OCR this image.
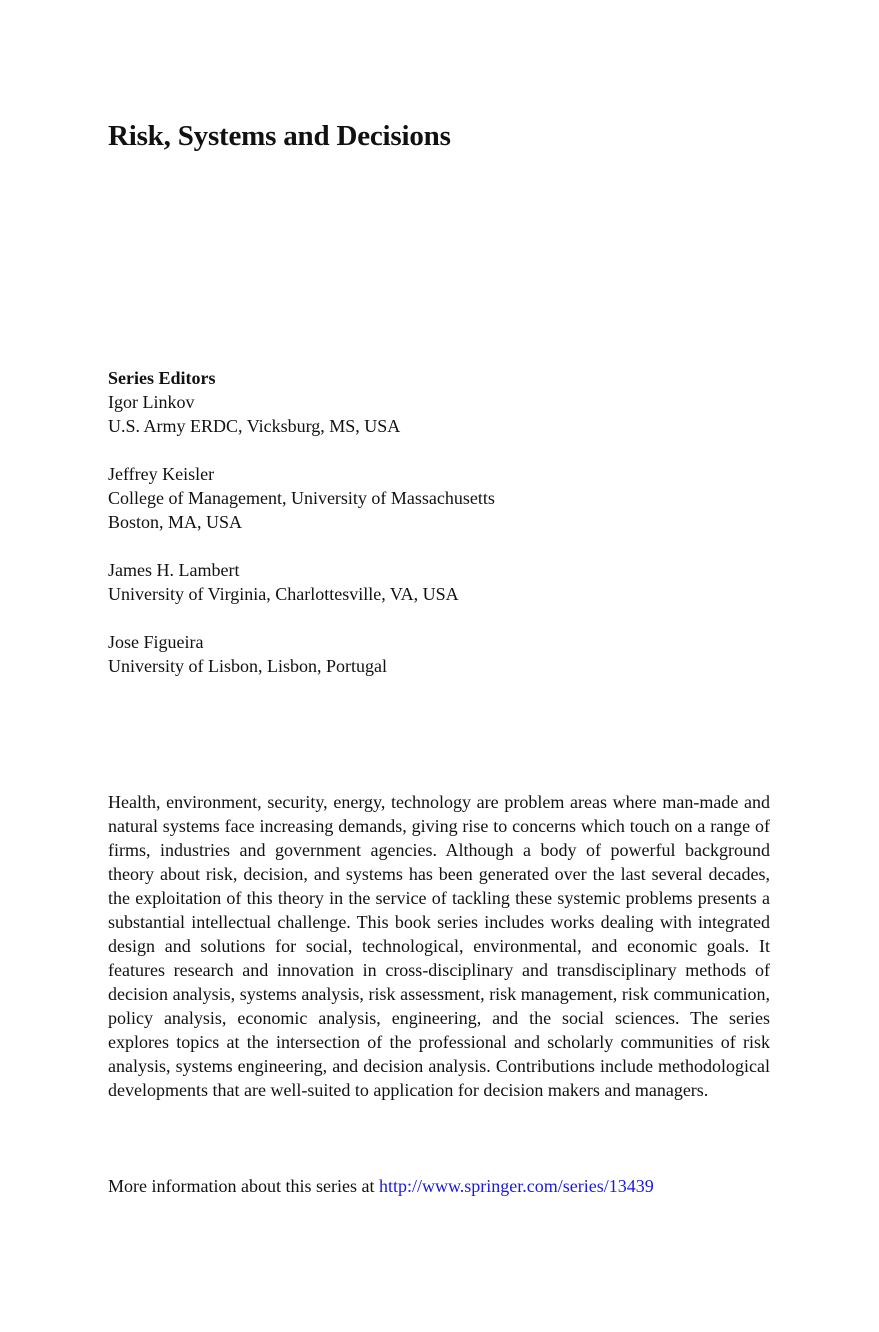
Risk, Systems and Decisions

Series Editors

Igor Linkov
U.S. Army ERDC, Vicksburg, MS, USA
Jeffrey Keisler
College of Management, University of Massachusetts
Boston, MA, USA
James H. Lambert
University of Virginia, Charlottesville, VA, USA
Jose Figueira
University of Lisbon, Lisbon, Portugal

Health, environment, security, energy, technology are problem areas where man-made and natural systems face increasing demands, giving rise to concerns which touch on a range of firms, industries and government agencies. Although a body of powerful background theory about risk, decision, and systems has been generated over the last several decades, the exploitation of this theory in the service of tackling these systemic problems presents a substantial intellectual challenge. This book series includes works dealing with integrated design and solutions for social, technological, environmental, and economic goals. It features research and innovation in cross-disciplinary and transdisciplinary methods of decision analysis, systems analysis, risk assessment, risk management, risk communication, policy analysis, economic analysis, engineering, and the social sciences. The series explores topics at the intersection of the professional and scholarly communities of risk analysis, systems engineering, and decision analysis. Contributions include methodological developments that are well-suited to application for decision makers and managers.

More information about this series at http://www.springer.com/series/13439
